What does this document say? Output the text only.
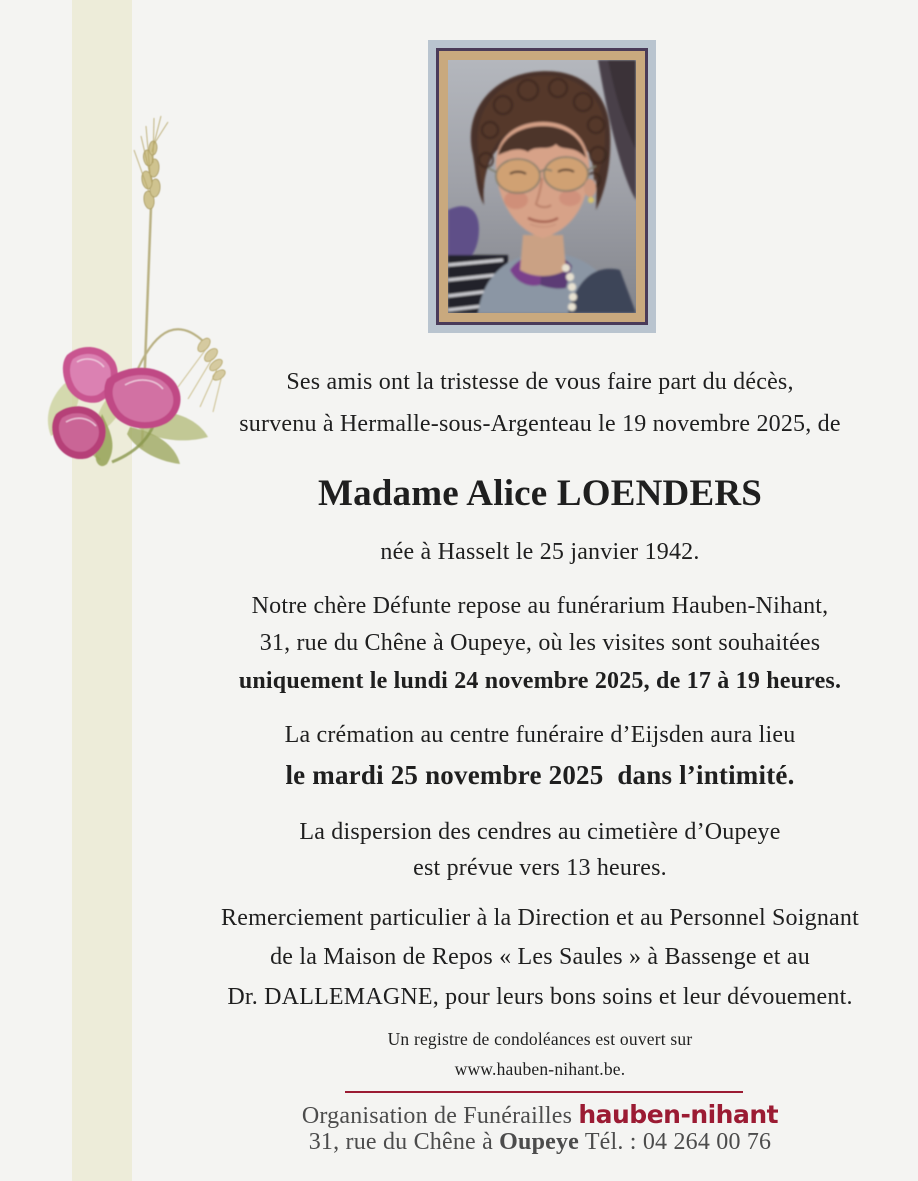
Ses amis ont la tristesse de vous faire part du décès,
survenu à Hermalle-sous-Argenteau le 19 novembre 2025, de
Madame Alice LOENDERS
née à Hasselt le 25 janvier 1942.
Notre chère Défunte repose au funérarium Hauben-Nihant,
31, rue du Chêne à Oupeye, où les visites sont souhaitées
uniquement le lundi 24 novembre 2025, de 17 à 19 heures.
La crémation au centre funéraire d’Eijsden aura lieu
le mardi 25 novembre 2025  dans l’intimité.
La dispersion des cendres au cimetière d’Oupeye
est prévue vers 13 heures.
Remerciement particulier à la Direction et au Personnel Soignant
de la Maison de Repos « Les Saules » à Bassenge et au
Dr. DALLEMAGNE, pour leurs bons soins et leur dévouement.
Un registre de condoléances est ouvert sur
www.hauben-nihant.be.
Organisation de Funérailles hauben-nihant
31, rue du Chêne à Oupeye Tél. : 04 264 00 76
